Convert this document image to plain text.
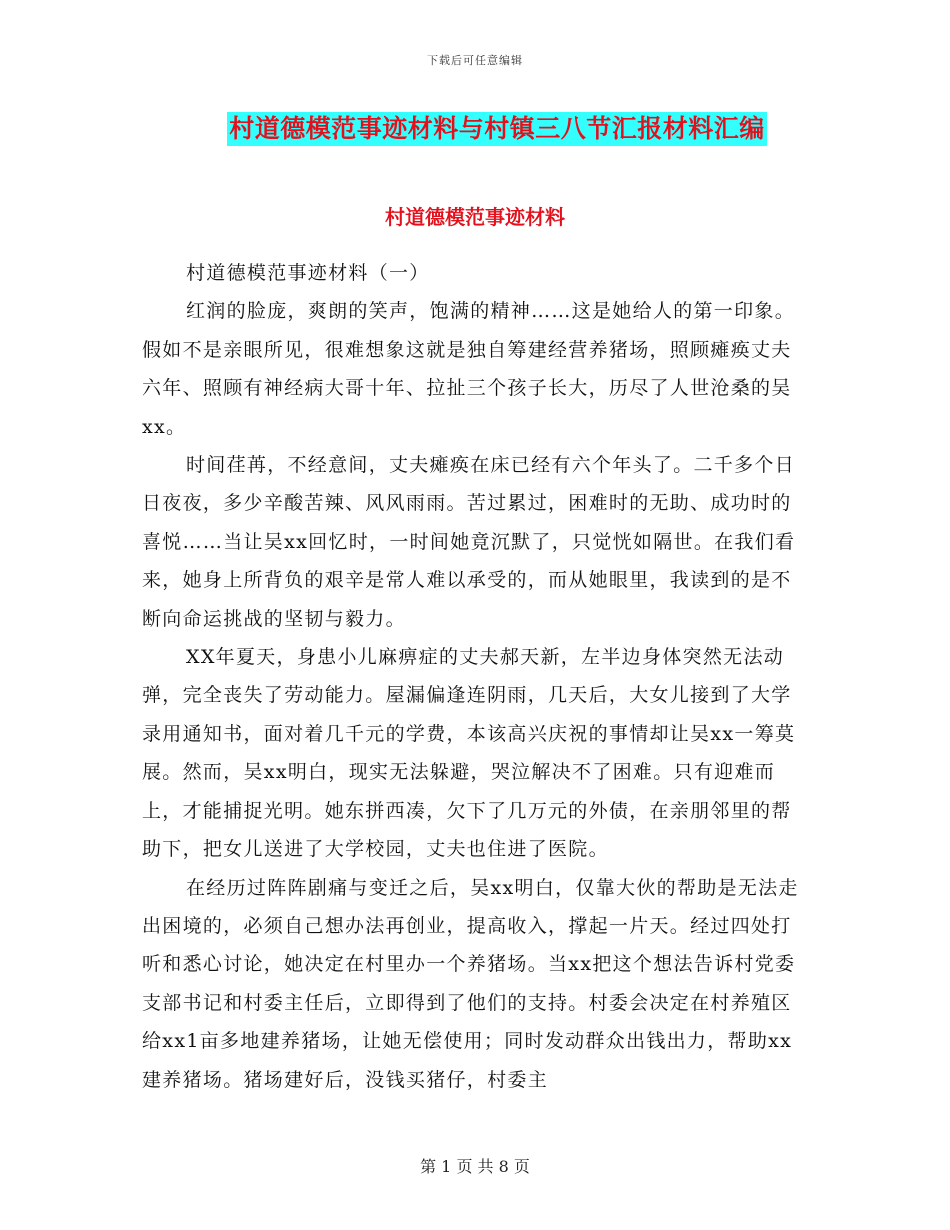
下载后可任意编辑
村道德模范事迹材料与村镇三八节汇报材料汇编
村道德模范事迹材料

村道德模范事迹材料（一）

红润的脸庞，爽朗的笑声，饱满的精神……这是她给人的第一印象。假如不是亲眼所见，很难想象这就是独自筹建经营养猪场，照顾瘫痪丈夫六年、照顾有神经病大哥十年、拉扯三个孩子长大，历尽了人世沧桑的吴xx。

时间荏苒，不经意间，丈夫瘫痪在床已经有六个年头了。二千多个日日夜夜，多少辛酸苦辣、风风雨雨。苦过累过，困难时的无助、成功时的喜悦……当让吴xx回忆时，一时间她竟沉默了，只觉恍如隔世。在我们看来，她身上所背负的艰辛是常人难以承受的，而从她眼里，我读到的是不断向命运挑战的坚韧与毅力。

XX年夏天，身患小儿麻痹症的丈夫郝天新，左半边身体突然无法动弹，完全丧失了劳动能力。屋漏偏逢连阴雨，几天后，大女儿接到了大学录用通知书，面对着几千元的学费，本该高兴庆祝的事情却让吴xx一筹莫展。然而，吴xx明白，现实无法躲避，哭泣解决不了困难。只有迎难而上，才能捕捉光明。她东拼西凑，欠下了几万元的外债，在亲朋邻里的帮助下，把女儿送进了大学校园，丈夫也住进了医院。

在经历过阵阵剧痛与变迁之后，吴xx明白，仅靠大伙的帮助是无法走出困境的，必须自己想办法再创业，提高收入，撑起一片天。经过四处打听和悉心讨论，她决定在村里办一个养猪场。当xx把这个想法告诉村党委支部书记和村委主任后，立即得到了他们的支持。村委会决定在村养殖区给xx1亩多地建养猪场，让她无偿使用；同时发动群众出钱出力，帮助xx建养猪场。猪场建好后，没钱买猪仔，村委主

第 1 页 共 8 页
